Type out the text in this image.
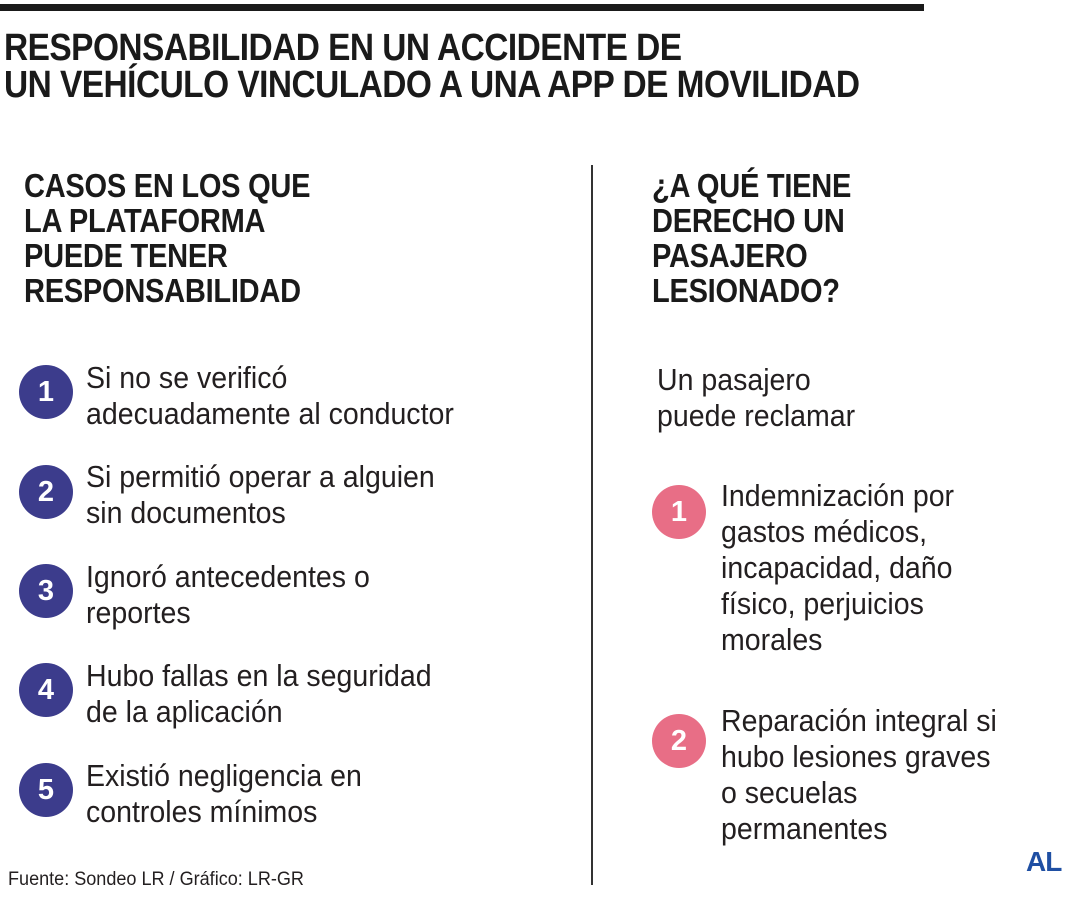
RESPONSABILIDAD EN UN ACCIDENTE DE
UN VEHÍCULO VINCULADO A UNA APP DE MOVILIDAD
CASOS EN LOS QUE
LA PLATAFORMA
PUEDE TENER
RESPONSABILIDAD
1	Si no se verificó
adecuadamente al conductor
2	Si permitió operar a alguien
sin documentos
3	Ignoró antecedentes o
reportes
4	Hubo fallas en la seguridad
de la aplicación
5	Existió negligencia en
controles mínimos
¿A QUÉ TIENE
DERECHO UN
PASAJERO
LESIONADO?
Un pasajero
puede reclamar
1	Indemnización por
gastos médicos,
incapacidad, daño
físico, perjuicios
morales
2
Reparación integral si
hubo lesiones graves
o secuelas
permanentes
Fuente: Sondeo LR / Gráfico: LR-GR
AL
